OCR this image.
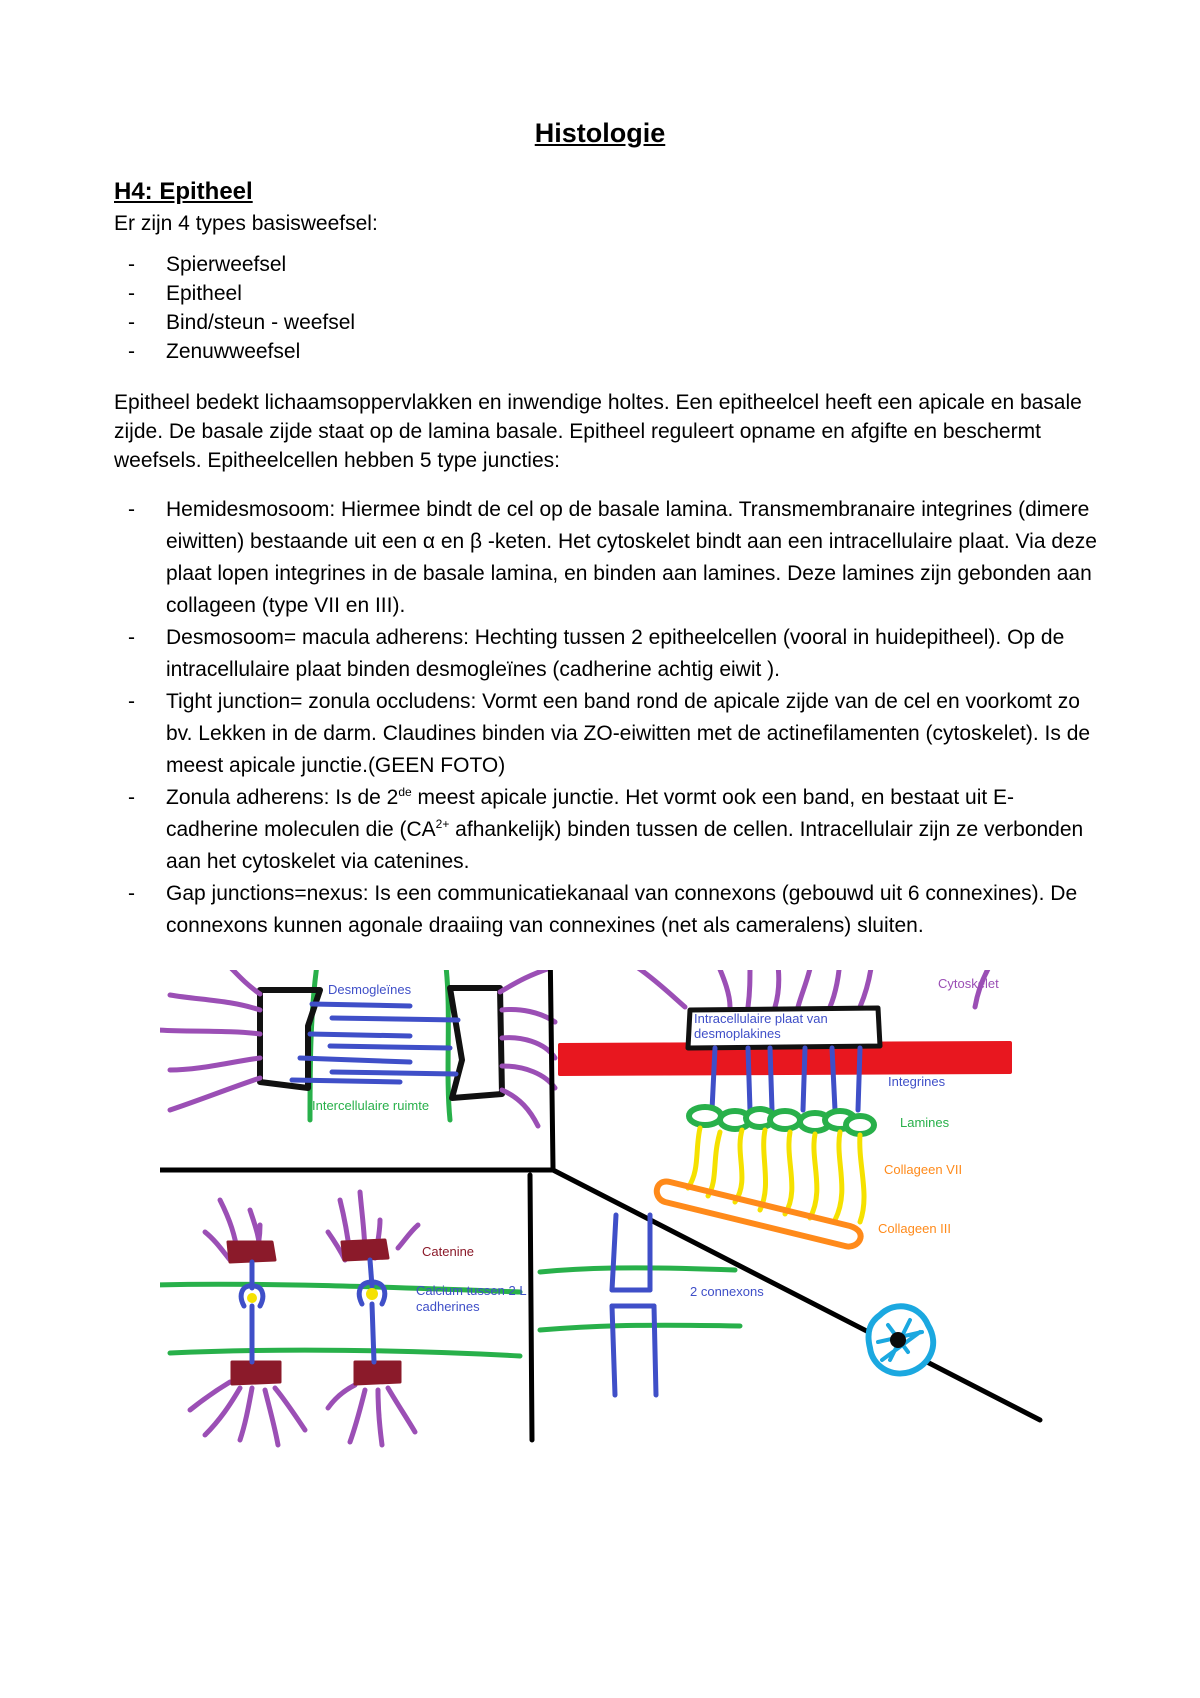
Histologie
H4: Epitheel
Er zijn 4 types basisweefsel:
- Spierweefsel
- Epitheel
- Bind/steun - weefsel
- Zenuwweefsel

Epitheel bedekt lichaamsoppervlakken en inwendige holtes. Een epitheelcel heeft een apicale en basale zijde. De basale zijde staat op de lamina basale. Epitheel reguleert opname en afgifte en beschermt weefsels. Epitheelcellen hebben 5 type juncties:

- Hemidesmosoom: Hiermee bindt de cel op de basale lamina. Transmembranaire integrines (dimere eiwitten) bestaande uit een α en β -keten. Het cytoskelet bindt aan een intracellulaire plaat. Via deze plaat lopen integrines in de basale lamina, en binden aan lamines. Deze lamines zijn gebonden aan collageen (type VII en III).
- Desmosoom= macula adherens: Hechting tussen 2 epitheelcellen (vooral in huidepitheel). Op de intracellulaire plaat binden desmogleïnes (cadherine achtig eiwit ).
- Tight junction= zonula occludens: Vormt een band rond de apicale zijde van de cel en voorkomt zo bv. Lekken in de darm. Claudines binden via ZO-eiwitten met de actinefilamenten (cytoskelet). Is de meest apicale junctie.(GEEN FOTO)
- Zonula adherens: Is de 2de meest apicale junctie. Het vormt ook een band, en bestaat uit E-cadherine moleculen die ($CA^{2+}$ afhankelijk) binden tussen de cellen. Intracellulair zijn ze verbonden aan het cytoskelet via catenines.
- Gap junctions=nexus: Is een communicatiekanaal van connexons (gebouwd uit 6 connexines). De connexons kunnen agonale draaiing van connexines (net als cameralens) sluiten.
Desmogleïnes
Intercellulaire ruimte
Cytoskelet
Intracellulaire plaat van
desmoplakines
Integrines
Lamines
Collageen VII
Collageen III
Catenine
Calcium tussen 2 L
cadherines
2 connexons
